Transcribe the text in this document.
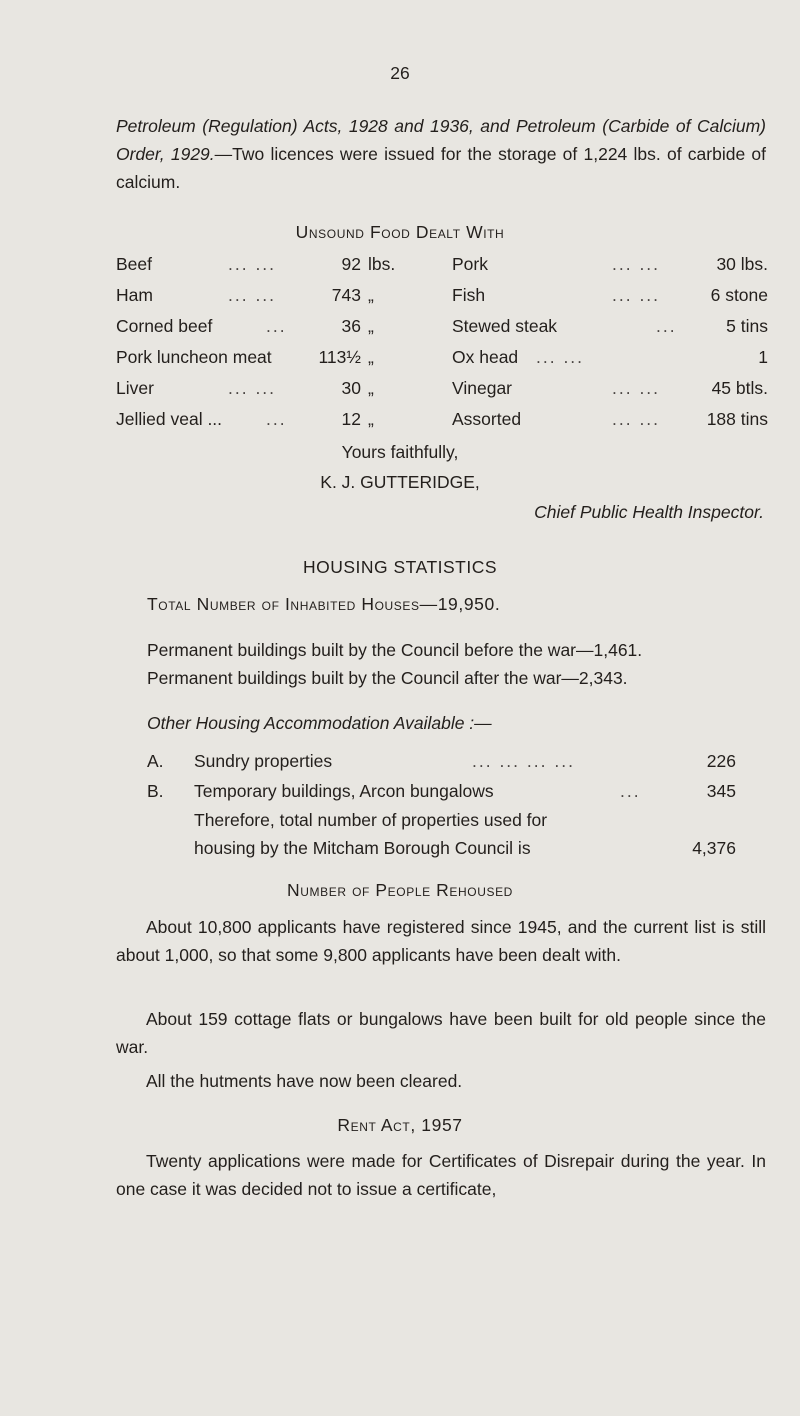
26
Petroleum (Regulation) Acts, 1928 and 1936, and Petroleum (Carbide of Calcium) Order, 1929.—Two licences were issued for the storage of 1,224 lbs. of carbide of calcium.
Unsound Food Dealt With
Beef	... ...	92 lbs.	Pork	... ...	30 lbs.
Ham	... ...	743 „	Fish	... ...	6 stone
Corned beef	...	36 „	Stewed steak	...	5 tins
Pork luncheon meat	113½ „	Ox head	... ...	1
Liver	... ...	30 „	Vinegar	... ...	45 btls.
Jellied veal ...	...	12 „	Assorted	... ...	188 tins
Yours faithfully,
K. J. GUTTERIDGE,
Chief Public Health Inspector.
HOUSING STATISTICS
Total Number of Inhabited Houses—19,950.
Permanent buildings built by the Council before the war—1,461.
Permanent buildings built by the Council after the war—2,343.
Other Housing Accommodation Available :—
A. Sundry properties	... ... ... ...	226
B. Temporary buildings, Arcon bungalows	...	345
Therefore, total number of properties used for
housing by the Mitcham Borough Council is	4,376
Number of People Rehoused
About 10,800 applicants have registered since 1945, and the current list is still about 1,000, so that some 9,800 applicants have been dealt with.
About 159 cottage flats or bungalows have been built for old people since the war.
All the hutments have now been cleared.
Rent Act, 1957
Twenty applications were made for Certificates of Disrepair during the year. In one case it was decided not to issue a certificate,
